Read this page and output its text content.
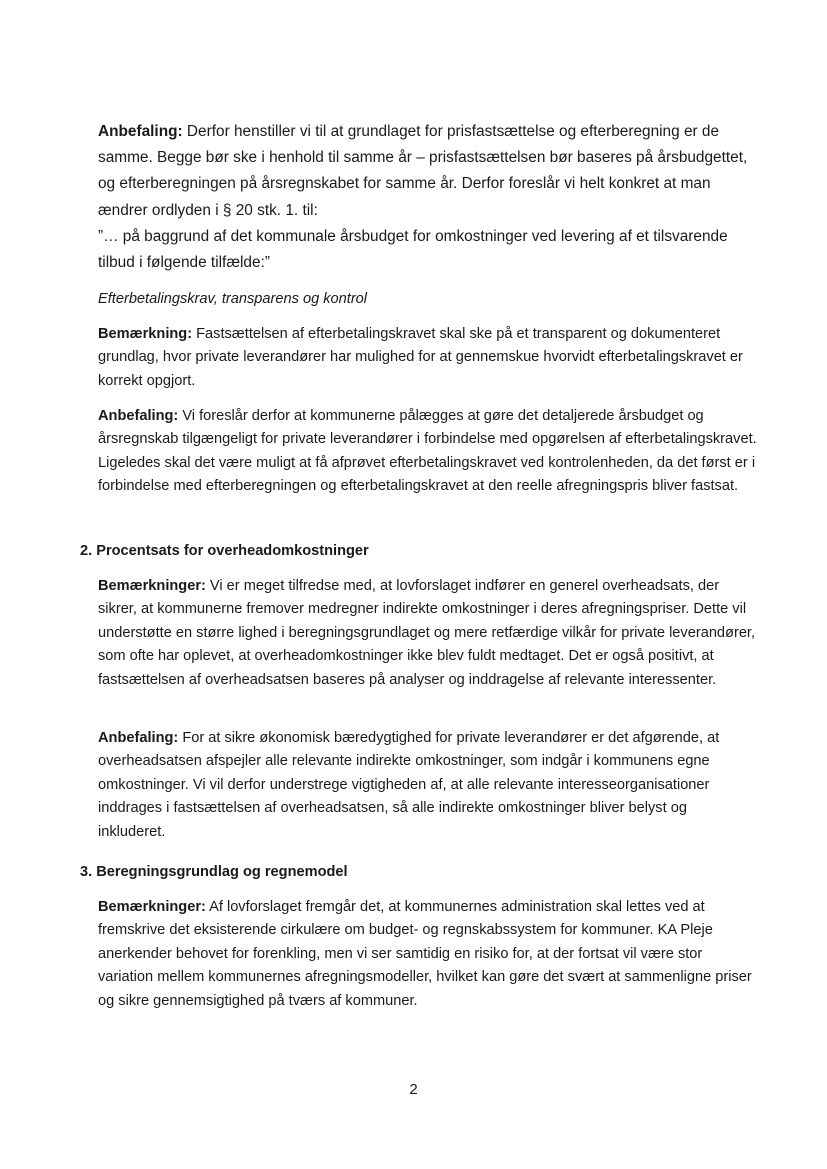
Anbefaling: Derfor henstiller vi til at grundlaget for prisfastsættelse og efterberegning er de samme. Begge bør ske i henhold til samme år – prisfastsættelsen bør baseres på årsbudgettet, og efterberegningen på årsregnskabet for samme år. Derfor foreslår vi helt konkret at man ændrer ordlyden i § 20 stk. 1. til:

”… på baggrund af det kommunale årsbudget for omkostninger ved levering af et tilsvarende tilbud i følgende tilfælde:”

Efterbetalingskrav, transparens og kontrol

Bemærkning: Fastsættelsen af efterbetalingskravet skal ske på et transparent og dokumenteret grundlag, hvor private leverandører har mulighed for at gennemskue hvorvidt efterbetalingskravet er korrekt opgjort.

Anbefaling: Vi foreslår derfor at kommunerne pålægges at gøre det detaljerede årsbudget og årsregnskab tilgængeligt for private leverandører i forbindelse med opgørelsen af efterbetalingskravet. Ligeledes skal det være muligt at få afprøvet efterbetalingskravet ved kontrolenheden, da det først er i forbindelse med efterberegningen og efterbetalingskravet at den reelle afregningspris bliver fastsat.

2. Procentsats for overheadomkostninger

Bemærkninger: Vi er meget tilfredse med, at lovforslaget indfører en generel overheadsats, der sikrer, at kommunerne fremover medregner indirekte omkostninger i deres afregningspriser. Dette vil understøtte en større lighed i beregningsgrundlaget og mere retfærdige vilkår for private leverandører, som ofte har oplevet, at overheadomkostninger ikke blev fuldt medtaget. Det er også positivt, at fastsættelsen af overheadsatsen baseres på analyser og inddragelse af relevante interessenter.

Anbefaling: For at sikre økonomisk bæredygtighed for private leverandører er det afgørende, at overheadsatsen afspejler alle relevante indirekte omkostninger, som indgår i kommunens egne omkostninger. Vi vil derfor understrege vigtigheden af, at alle relevante interesseorganisationer inddrages i fastsættelsen af overheadsatsen, så alle indirekte omkostninger bliver belyst og inkluderet.

3. Beregningsgrundlag og regnemodel

Bemærkninger: Af lovforslaget fremgår det, at kommunernes administration skal lettes ved at fremskrive det eksisterende cirkulære om budget- og regnskabssystem for kommuner. KA Pleje anerkender behovet for forenkling, men vi ser samtidig en risiko for, at der fortsat vil være stor variation mellem kommunernes afregningsmodeller, hvilket kan gøre det svært at sammenligne priser og sikre gennemsigtighed på tværs af kommuner.

2
